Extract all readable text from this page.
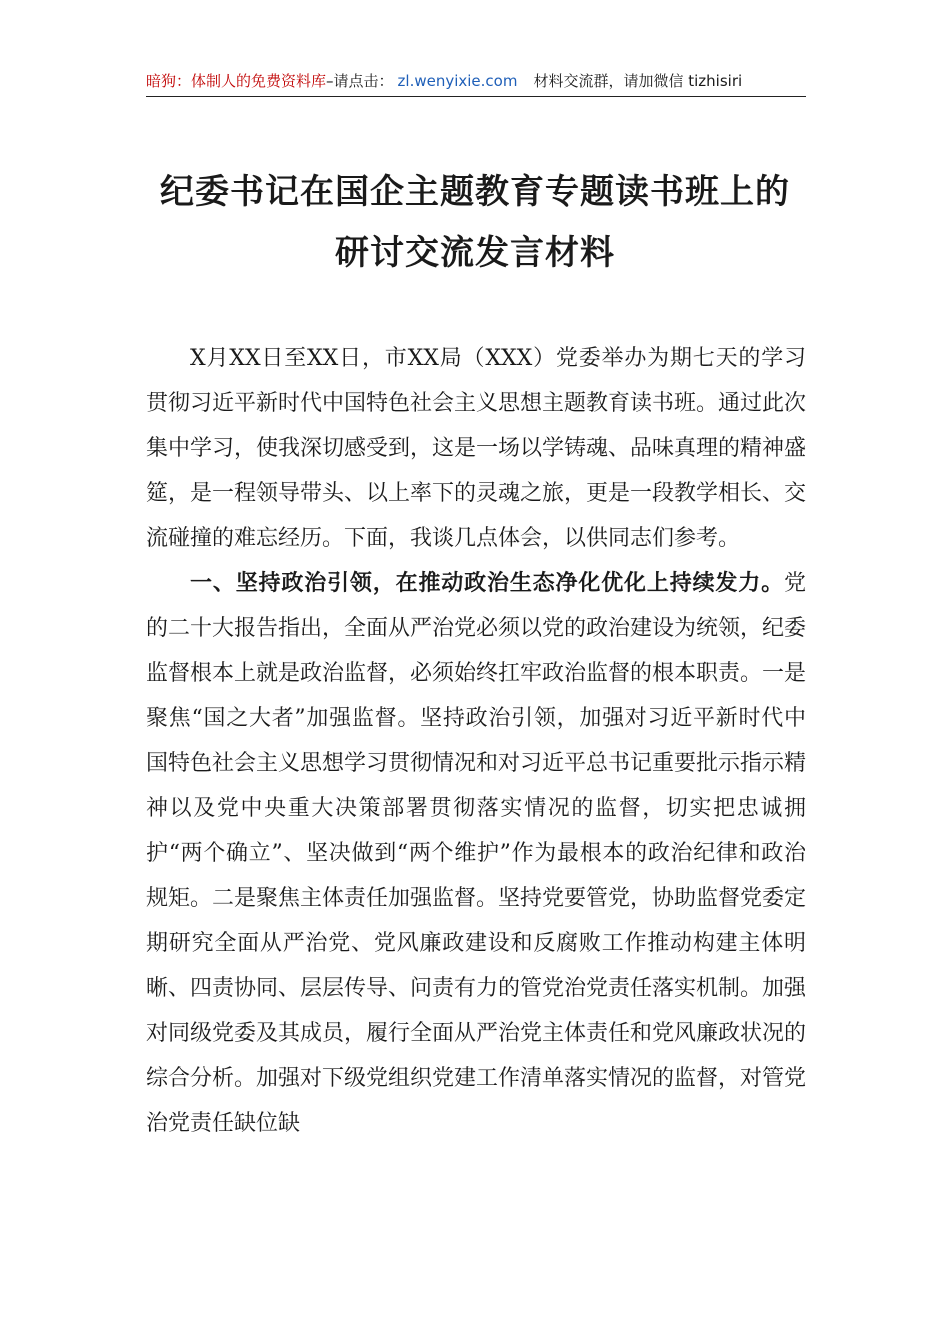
暗狗：体制人的免费资料库–请点击： zl.wenyixie.com 材料交流群，请加微信 tizhisiri
纪委书记在国企主题教育专题读书班上的
研讨交流发言材料

X月XX日至XX日，市XX局（XXX）党委举办为期七天的学习贯彻习近平新时代中国特色社会主义思想主题教育读书班。通过此次集中学习，使我深切感受到，这是一场以学铸魂、品味真理的精神盛筵，是一程领导带头、以上率下的灵魂之旅，更是一段教学相长、交流碰撞的难忘经历。下面，我谈几点体会，以供同志们参考。

一、坚持政治引领，在推动政治生态净化优化上持续发力。党的二十大报告指出，全面从严治党必须以党的政治建设为统领，纪委监督根本上就是政治监督，必须始终扛牢政治监督的根本职责。一是聚焦“国之大者”加强监督。坚持政治引领，加强对习近平新时代中国特色社会主义思想学习贯彻情况和对习近平总书记重要批示指示精神以及党中央重大决策部署贯彻落实情况的监督，切实把忠诚拥护“两个确立”、坚决做到“两个维护”作为最根本的政治纪律和政治规矩。二是聚焦主体责任加强监督。坚持党要管党，协助监督党委定期研究全面从严治党、党风廉政建设和反腐败工作推动构建主体明晰、四责协同、层层传导、问责有力的管党治党责任落实机制。加强对同级党委及其成员，履行全面从严治党主体责任和党风廉政状况的综合分析。加强对下级党组织党建工作清单落实情况的监督，对管党治党责任缺位缺
